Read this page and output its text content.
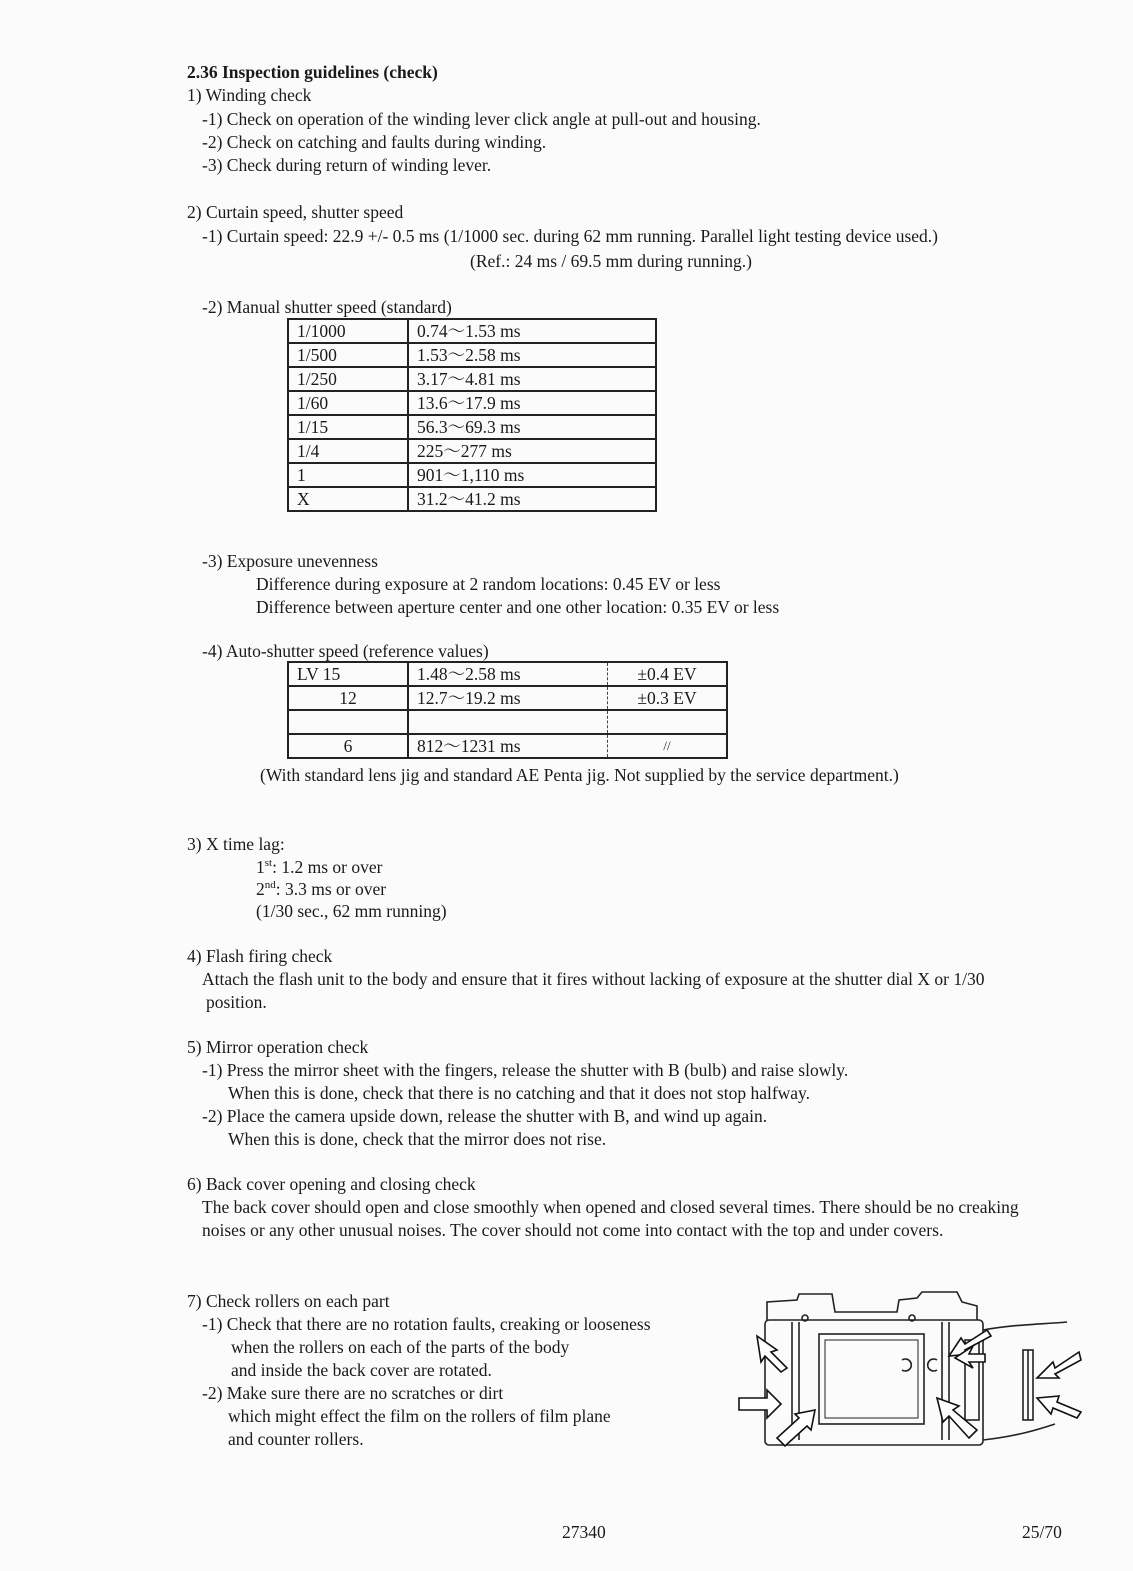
2.36 Inspection guidelines (check)
1) Winding check
-1) Check on operation of the winding lever click angle at pull-out and housing.
-2) Check on catching and faults during winding.
-3) Check during return of winding lever.
2) Curtain speed, shutter speed
-1) Curtain speed: 22.9 +/- 0.5 ms (1/1000 sec. during 62 mm running. Parallel light testing device used.)
(Ref.: 24 ms / 69.5 mm during running.)
-2) Manual shutter speed (standard)
1/1000	0.74〜1.53 ms
1/500	1.53〜2.58 ms
1/250	3.17〜4.81 ms
1/60	13.6〜17.9 ms
1/15	56.3〜69.3 ms
1/4	225〜277 ms
1	901〜1,110 ms
X	31.2〜41.2 ms
-3) Exposure unevenness
Difference during exposure at 2 random locations: 0.45 EV or less
Difference between aperture center and one other location: 0.35 EV or less
-4) Auto-shutter speed (reference values)
LV 15	1.48〜2.58 ms	±0.4 EV
12	12.7〜19.2 ms	±0.3 EV

6	812〜1231 ms	//
(With standard lens jig and standard AE Penta jig. Not supplied by the service department.)
3) X time lag:
1st: 1.2 ms or over
2nd: 3.3 ms or over
(1/30 sec., 62 mm running)
4) Flash firing check
Attach the flash unit to the body and ensure that it fires without lacking of exposure at the shutter dial X or 1/30
position.
5) Mirror operation check
-1) Press the mirror sheet with the fingers, release the shutter with B (bulb) and raise slowly.
When this is done, check that there is no catching and that it does not stop halfway.
-2) Place the camera upside down, release the shutter with B, and wind up again.
When this is done, check that the mirror does not rise.
6) Back cover opening and closing check
The back cover should open and close smoothly when opened and closed several times. There should be no creaking
noises or any other unusual noises. The cover should not come into contact with the top and under covers.
7) Check rollers on each part
-1) Check that there are no rotation faults, creaking or looseness
when the rollers on each of the parts of the body
and inside the back cover are rotated.
-2) Make sure there are no scratches or dirt
which might effect the film on the rollers of film plane
and counter rollers.
27340	25/70
